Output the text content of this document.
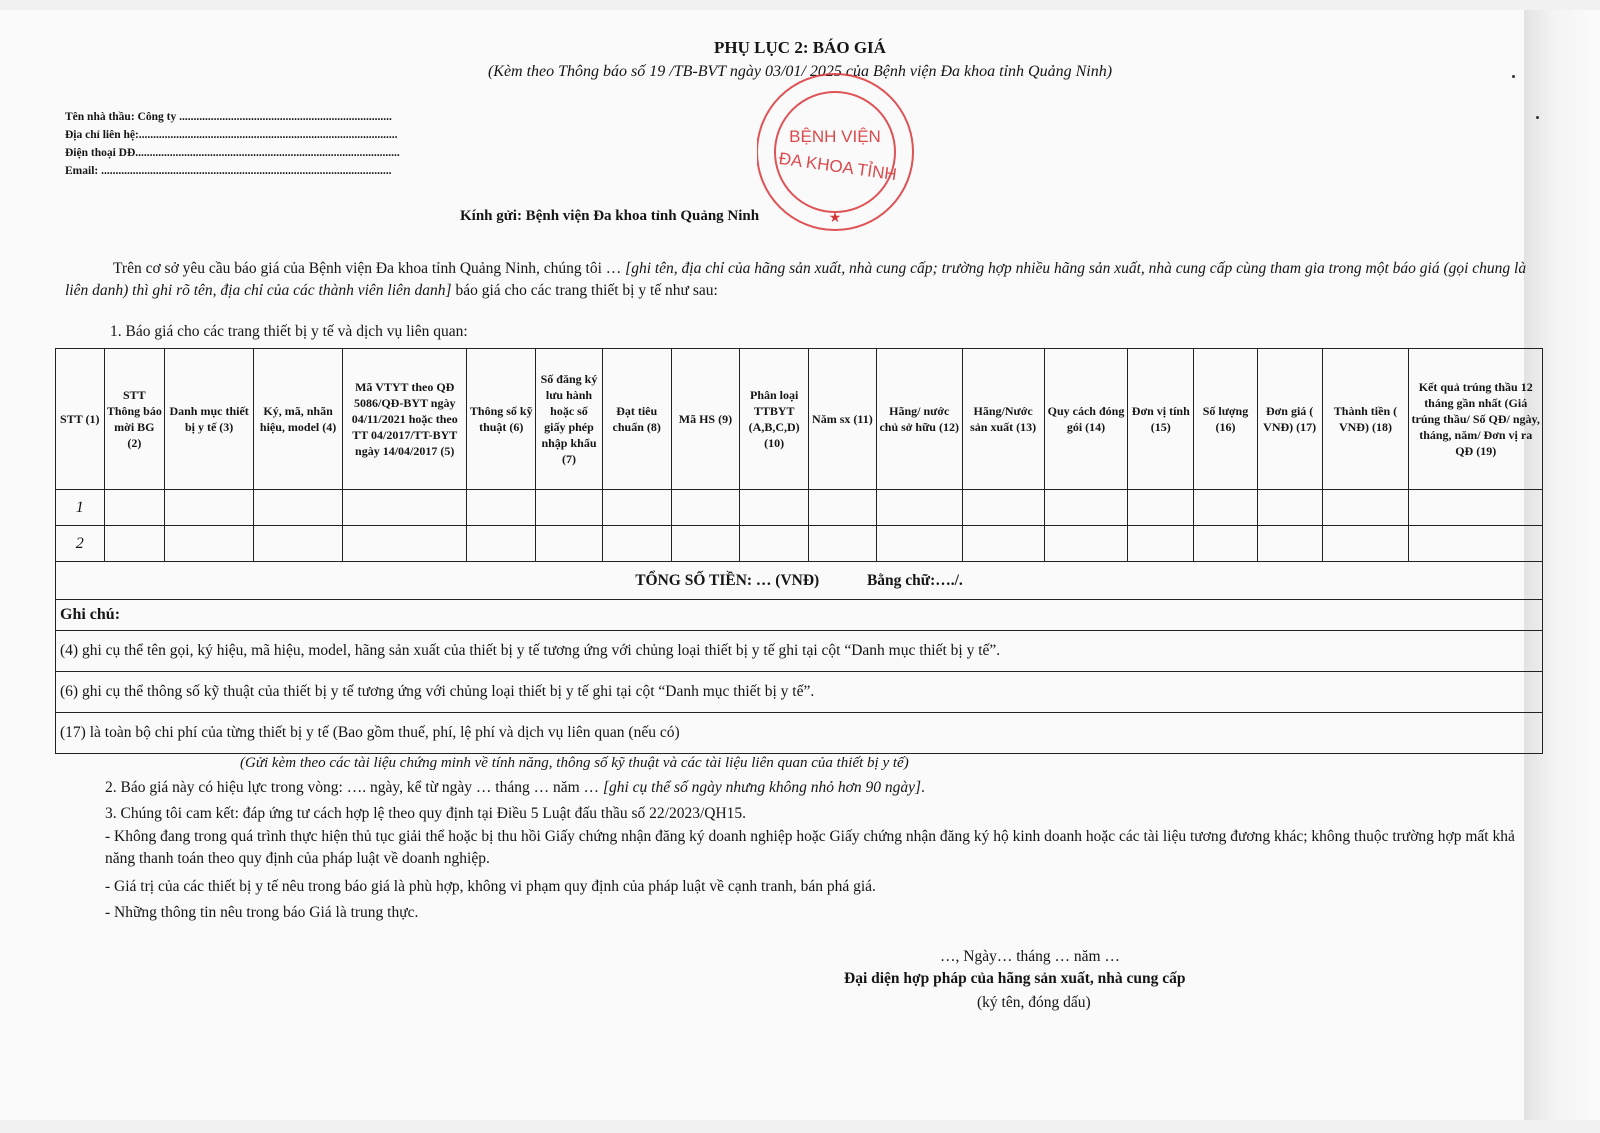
PHỤ LỤC 2: BÁO GIÁ
(Kèm theo Thông báo số 19 /TB-BVT ngày 03/01/ 2025 của Bệnh viện Đa khoa tỉnh Quảng Ninh)
Tên nhà thầu: Công ty ..........................................................................
Địa chỉ liên hệ:..........................................................................................
Điện thoại DĐ............................................................................................
Email: .....................................................................................................
Kính gửi: Bệnh viện Đa khoa tỉnh Quảng Ninh
BỆNH VIỆN
ĐA KHOA TỈNH
★
Trên cơ sở yêu cầu báo giá của Bệnh viện Đa khoa tỉnh Quảng Ninh, chúng tôi … [ghi tên, địa chỉ của hãng sản xuất, nhà cung cấp; trường hợp nhiều hãng sản xuất, nhà cung cấp cùng tham gia trong một báo giá (gọi chung là liên danh) thì ghi rõ tên, địa chỉ của các thành viên liên danh] báo giá cho các trang thiết bị y tế như sau:
1. Báo giá cho các trang thiết bị y tế và dịch vụ liên quan:
STT (1)	STT Thông báo mời BG (2)	Danh mục thiết bị y tế (3)	Ký, mã, nhãn hiệu, model (4)	Mã VTYT theo QĐ 5086/QĐ-BYT ngày 04/11/2021 hoặc theo TT 04/2017/TT-BYT ngày 14/04/2017 (5)	Thông số kỹ thuật (6)	Số đăng ký lưu hành hoặc số giấy phép nhập khẩu (7)	Đạt tiêu chuẩn (8)	Mã HS (9)	Phân loại TTBYT (A,B,C,D) (10)	Năm sx (11)	Hãng/ nước chủ sở hữu (12)	Hãng/Nước sản xuất (13)	Quy cách đóng gói (14)	Đơn vị tính (15)	Số lượng (16)	Đơn giá ( VNĐ) (17)	Thành tiền ( VNĐ) (18)	Kết quả trúng thầu 12 tháng gần nhất (Giá trúng thầu/ Số QĐ/ ngày, tháng, năm/ Đơn vị ra QĐ (19)
1																		
2																		
TỔNG SỐ TIỀN: … (VNĐ) Bằng chữ:…./.																		
Ghi chú:																		
(4) ghi cụ thể tên gọi, ký hiệu, mã hiệu, model, hãng sản xuất của thiết bị y tế tương ứng với chủng loại thiết bị y tế ghi tại cột “Danh mục thiết bị y tế”.																		
(6) ghi cụ thể thông số kỹ thuật của thiết bị y tế tương ứng với chủng loại thiết bị y tế ghi tại cột “Danh mục thiết bị y tế”.																		
(17) là toàn bộ chi phí của từng thiết bị y tế (Bao gồm thuế, phí, lệ phí và dịch vụ liên quan (nếu có)																		
(Gửi kèm theo các tài liệu chứng minh về tính năng, thông số kỹ thuật và các tài liệu liên quan của thiết bị y tế)
2. Báo giá này có hiệu lực trong vòng: …. ngày, kể từ ngày … tháng … năm … [ghi cụ thể số ngày nhưng không nhỏ hơn 90 ngày].
3. Chúng tôi cam kết: đáp ứng tư cách hợp lệ theo quy định tại Điều 5 Luật đấu thầu số 22/2023/QH15.
- Không đang trong quá trình thực hiện thủ tục giải thể hoặc bị thu hồi Giấy chứng nhận đăng ký doanh nghiệp hoặc Giấy chứng nhận đăng ký hộ kinh doanh hoặc các tài liệu tương đương khác; không thuộc trường hợp mất khả năng thanh toán theo quy định của pháp luật về doanh nghiệp.
- Giá trị của các thiết bị y tế nêu trong báo giá là phù hợp, không vi phạm quy định của pháp luật về cạnh tranh, bán phá giá.
- Những thông tin nêu trong báo Giá là trung thực.
…, Ngày… tháng … năm …
Đại diện hợp pháp của hãng sản xuất, nhà cung cấp
(ký tên, đóng dấu)
